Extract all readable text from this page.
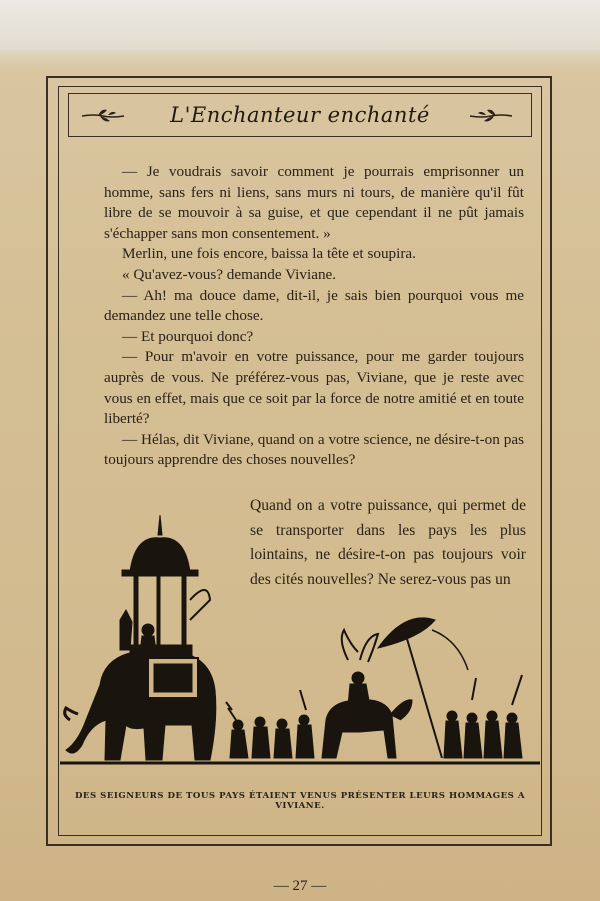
L'Enchanteur enchanté

— Je voudrais savoir comment je pourrais emprisonner un homme, sans fers ni liens, sans murs ni tours, de manière qu'il fût libre de se mouvoir à sa guise, et que cependant il ne pût jamais s'échapper sans mon consentement. »

Merlin, une fois encore, baissa la tête et soupira.

« Qu'avez-vous? demande Viviane.

— Ah! ma douce dame, dit-il, je sais bien pourquoi vous me demandez une telle chose.

— Et pourquoi donc?

— Pour m'avoir en votre puissance, pour me garder toujours auprès de vous. Ne préférez-vous pas, Viviane, que je reste avec vous en effet, mais que ce soit par la force de notre amitié et en toute liberté?

— Hélas, dit Viviane, quand on a votre science, ne désire-t-on pas toujours apprendre des choses nouvelles?

Quand on a votre puissance, qui permet de se transporter dans les pays les plus lointains, ne désire-t-on pas toujours voir des cités nouvelles? Ne serez-vous pas un
DES SEIGNEURS DE TOUS PAYS ÉTAIENT VENUS PRÉSENTER LEURS HOMMAGES A VIVIANE.
— 27 —
